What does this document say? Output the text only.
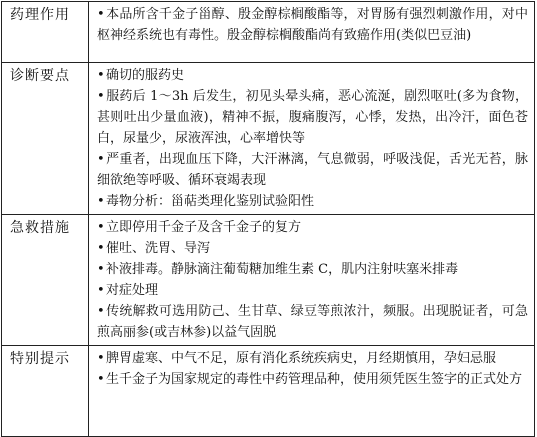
药理作用	•本品所含千金子甾醇、殷金醇棕榈酸酯等，对胃肠有强烈刺激作用，对中枢神经系统也有毒性。殷金醇棕榈酸酯尚有致癌作用(类似巴豆油)

诊断要点	•确切的服药史

•服药后 1～3h 后发生，初见头晕头痛，恶心流涎，剧烈呕吐(多为食物，甚则吐出少量血液)，精神不振，腹痛腹泻，心悸，发热，出冷汗，面色苍白，尿量少，尿液浑浊，心率增快等

•严重者，出现血压下降，大汗淋漓，气息微弱，呼吸浅促，舌光无苔，脉细欲绝等呼吸、循环衰竭表现

•毒物分析：甾萜类理化鉴别试验阳性

急救措施	•立即停用千金子及含千金子的复方

•催吐、洗胃、导泻

•补液排毒。静脉滴注葡萄糖加维生素 C，肌内注射呋塞米排毒

•对症处理

•传统解救可选用防己、生甘草、绿豆等煎浓汁，频服。出现脱证者，可急煎高丽参(或吉林参)以益气固脱

特别提示	•脾胃虚寒、中气不足，原有消化系统疾病史，月经期慎用，孕妇忌服

•生千金子为国家规定的毒性中药管理品种，使用须凭医生签字的正式处方
